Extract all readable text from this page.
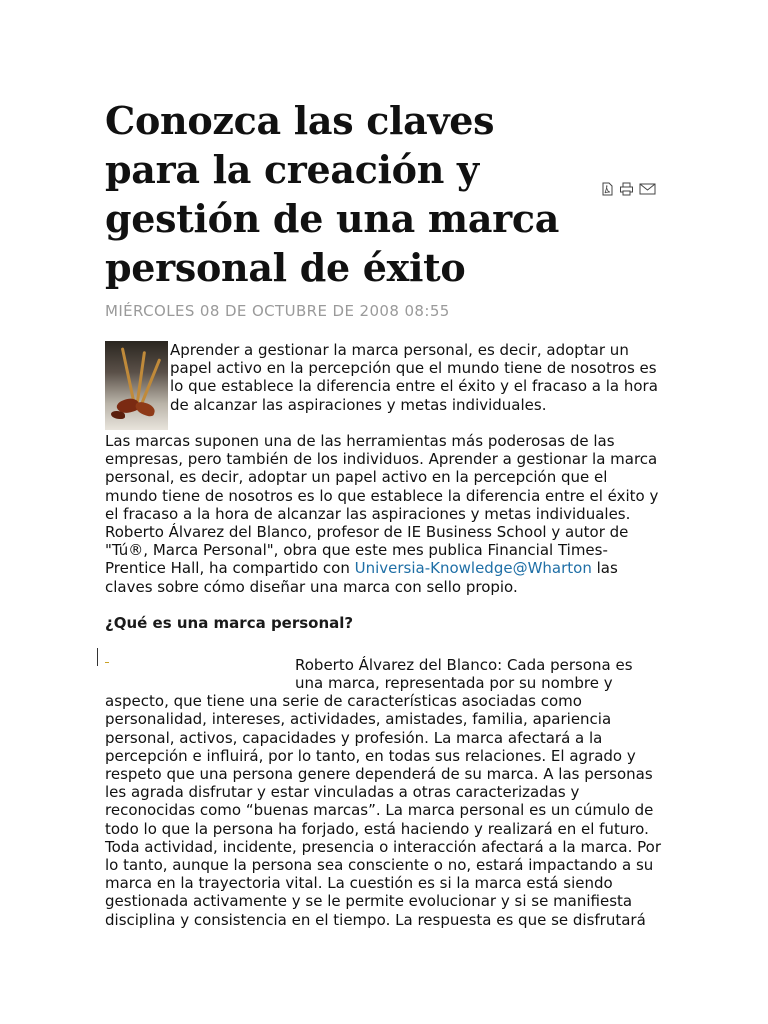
Conozca las claves para la creación y gestión de una marca personal de éxito
MIÉRCOLES 08 DE OCTUBRE DE 2008 08:55

Aprender a gestionar la marca personal, es decir, adoptar un papel activo en la percepción que el mundo tiene de nosotros es lo que establece la diferencia entre el éxito y el fracaso a la hora de alcanzar las aspiraciones y metas individuales.

Las marcas suponen una de las herramientas más poderosas de las empresas, pero también de los individuos. Aprender a gestionar la marca personal, es decir, adoptar un papel activo en la percepción que el mundo tiene de nosotros es lo que establece la diferencia entre el éxito y el fracaso a la hora de alcanzar las aspiraciones y metas individuales. Roberto Álvarez del Blanco, profesor de IE Business School y autor de "Tú®, Marca Personal", obra que este mes publica Financial Times-Prentice Hall, ha compartido con Universia-Knowledge@Wharton las claves sobre cómo diseñar una marca con sello propio.

¿Qué es una marca personal?

Roberto Álvarez del Blanco: Cada persona es una marca, representada por su nombre y aspecto, que tiene una serie de características asociadas como personalidad, intereses, actividades, amistades, familia, apariencia personal, activos, capacidades y profesión. La marca afectará a la percepción e influirá, por lo tanto, en todas sus relaciones. El agrado y respeto que una persona genere dependerá de su marca. A las personas les agrada disfrutar y estar vinculadas a otras caracterizadas y reconocidas como “buenas marcas”. La marca personal es un cúmulo de todo lo que la persona ha forjado, está haciendo y realizará en el futuro. Toda actividad, incidente, presencia o interacción afectará a la marca. Por lo tanto, aunque la persona sea consciente o no, estará impactando a su marca en la trayectoria vital. La cuestión es si la marca está siendo gestionada activamente y se le permite evolucionar y si se manifiesta disciplina y consistencia en el tiempo. La respuesta es que se disfrutará
